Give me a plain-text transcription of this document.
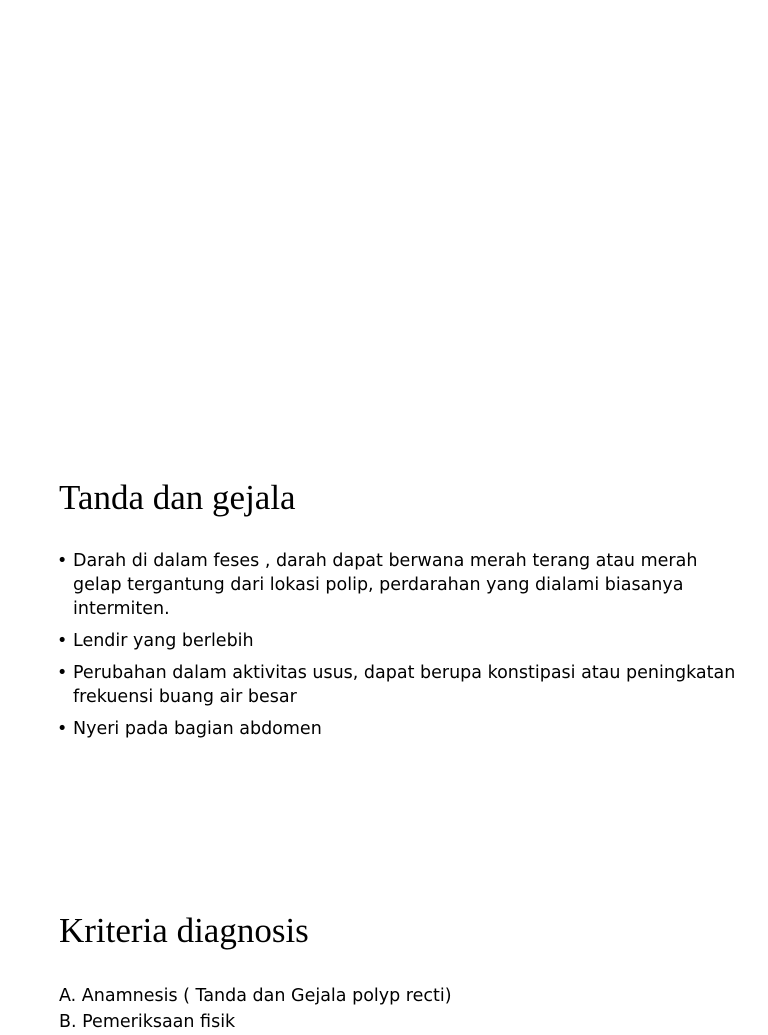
Tanda dan gejala
• Darah di dalam feses , darah dapat berwana merah terang atau merah gelap tergantung dari lokasi polip, perdarahan yang dialami biasanya intermiten.
• Lendir yang berlebih
• Perubahan dalam aktivitas usus, dapat berupa konstipasi atau peningkatan frekuensi buang air besar
• Nyeri pada bagian abdomen
Kriteria diagnosis
A. Anamnesis ( Tanda dan Gejala polyp recti)
B. Pemeriksaan fisik
